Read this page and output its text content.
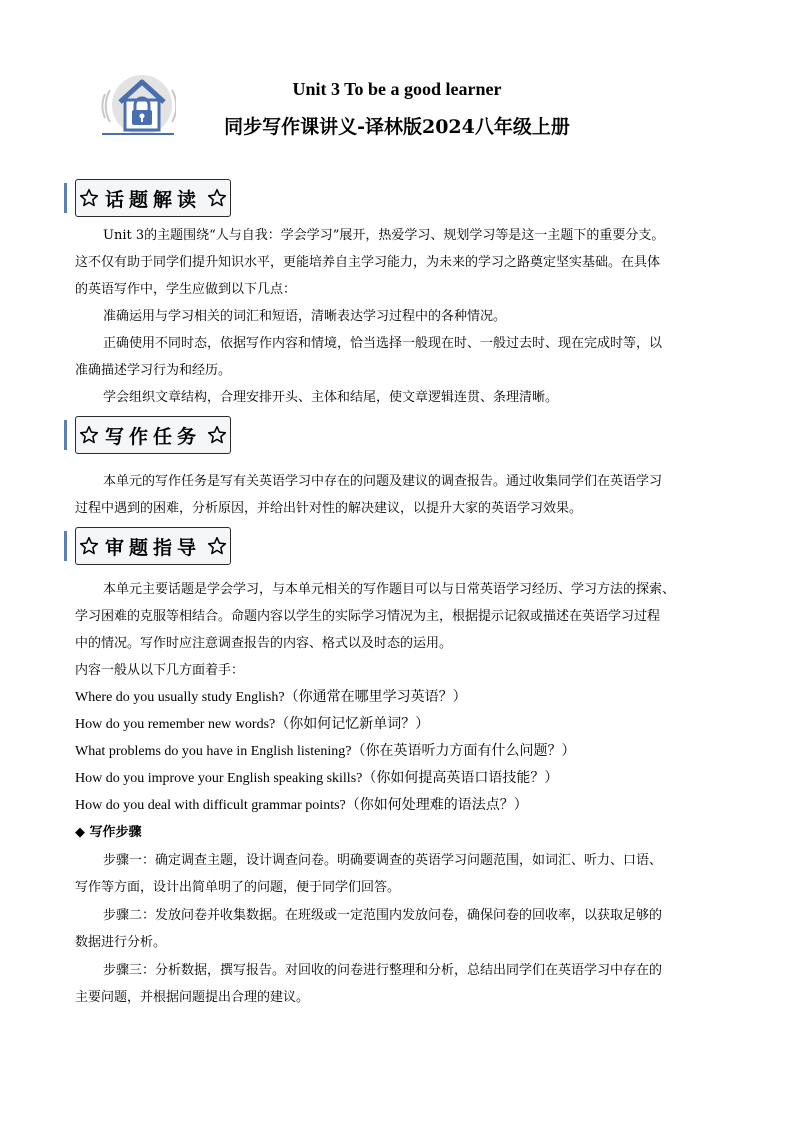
Unit 3 To be a good learner
同步写作课讲义-译林版2024八年级上册
话题解读
Unit 3的主题围绕“人与自我：学会学习”展开，热爱学习、规划学习等是这一主题下的重要分支。
这不仅有助于同学们提升知识水平，更能培养自主学习能力，为未来的学习之路奠定坚实基础。在具体
的英语写作中，学生应做到以下几点：
准确运用与学习相关的词汇和短语，清晰表达学习过程中的各种情况。
正确使用不同时态，依据写作内容和情境，恰当选择一般现在时、一般过去时、现在完成时等，以
准确描述学习行为和经历。
学会组织文章结构，合理安排开头、主体和结尾，使文章逻辑连贯、条理清晰。
写作任务
本单元的写作任务是写有关英语学习中存在的问题及建议的调查报告。通过收集同学们在英语学习
过程中遇到的困难，分析原因，并给出针对性的解决建议，以提升大家的英语学习效果。
审题指导
本单元主要话题是学会学习，与本单元相关的写作题目可以与日常英语学习经历、学习方法的探索、
学习困难的克服等相结合。命题内容以学生的实际学习情况为主，根据提示记叙或描述在英语学习过程
中的情况。写作时应注意调查报告的内容、格式以及时态的运用。
内容一般从以下几方面着手：
Where do you usually study English?（你通常在哪里学习英语？）
How do you remember new words?（你如何记忆新单词？）
What problems do you have in English listening?（你在英语听力方面有什么问题？）
How do you improve your English speaking skills?（你如何提高英语口语技能？）
How do you deal with difficult grammar points?（你如何处理难的语法点？）
◆ 写作步骤
步骤一：确定调查主题，设计调查问卷。明确要调查的英语学习问题范围，如词汇、听力、口语、
写作等方面，设计出简单明了的问题，便于同学们回答。
步骤二：发放问卷并收集数据。在班级或一定范围内发放问卷，确保问卷的回收率，以获取足够的
数据进行分析。
步骤三：分析数据，撰写报告。对回收的问卷进行整理和分析，总结出同学们在英语学习中存在的
主要问题，并根据问题提出合理的建议。
